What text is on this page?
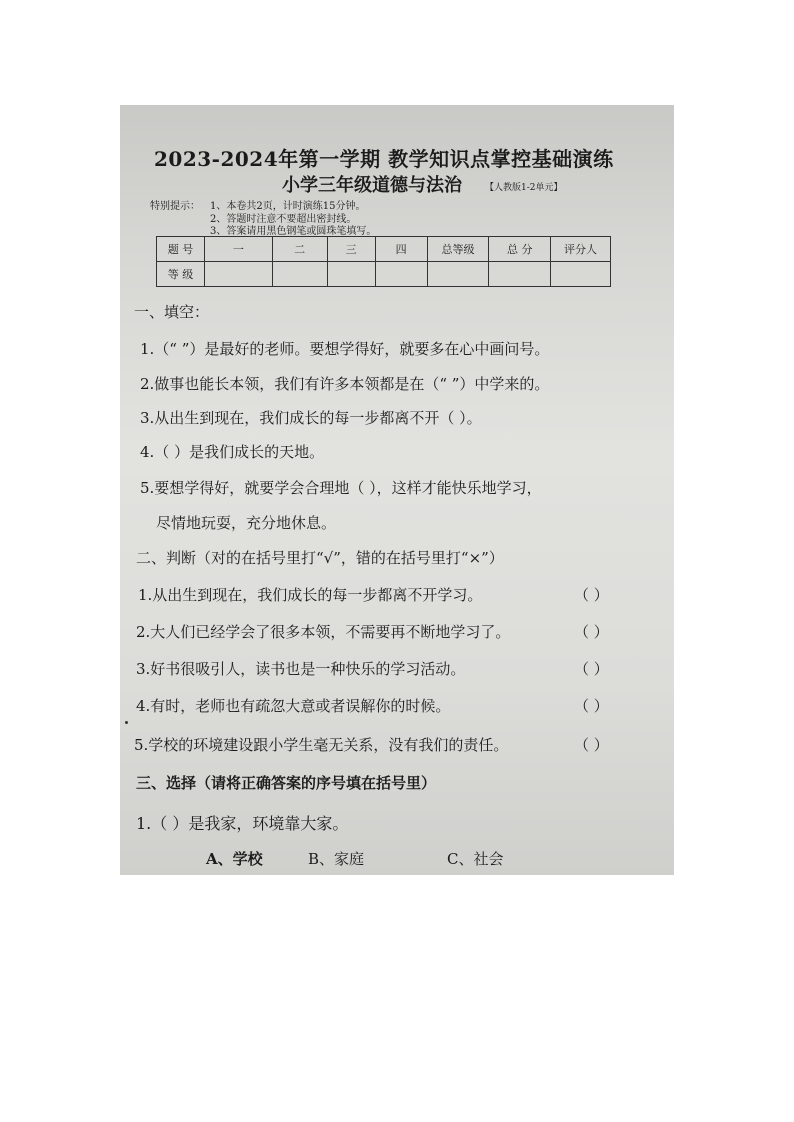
2023-2024年第一学期 教学知识点掌控基础演练
小学三年级道德与法治	【人教版1-2单元】
特别提示： 1、本卷共2页，计时演练15分钟。
2、答题时注意不要超出密封线。
3、答案请用黑色钢笔或圆珠笔填写。
题 号	一	二	三	四	总等级	总 分	评分人
等 级							
一、填空：
1.（“ ”）是最好的老师。要想学得好，就要多在心中画问号。
2.做事也能长本领，我们有许多本领都是在（“ ”）中学来的。
3.从出生到现在，我们成长的每一步都离不开（ ）。
4.（ ）是我们成长的天地。
5.要想学得好，就要学会合理地（ ），这样才能快乐地学习，
尽情地玩耍，充分地休息。
二、判断（对的在括号里打“√”，错的在括号里打“×”）
1.从出生到现在，我们成长的每一步都离不开学习。	（ ）
2.大人们已经学会了很多本领，不需要再不断地学习了。	（ ）
3.好书很吸引人，读书也是一种快乐的学习活动。	（ ）
4.有时，老师也有疏忽大意或者误解你的时候。	（ ）
5.学校的环境建设跟小学生毫无关系，没有我们的责任。	（ ）
三、选择（请将正确答案的序号填在括号里）
1.（ ）是我家，环境靠大家。
A、学校	B、家庭	C、社会
